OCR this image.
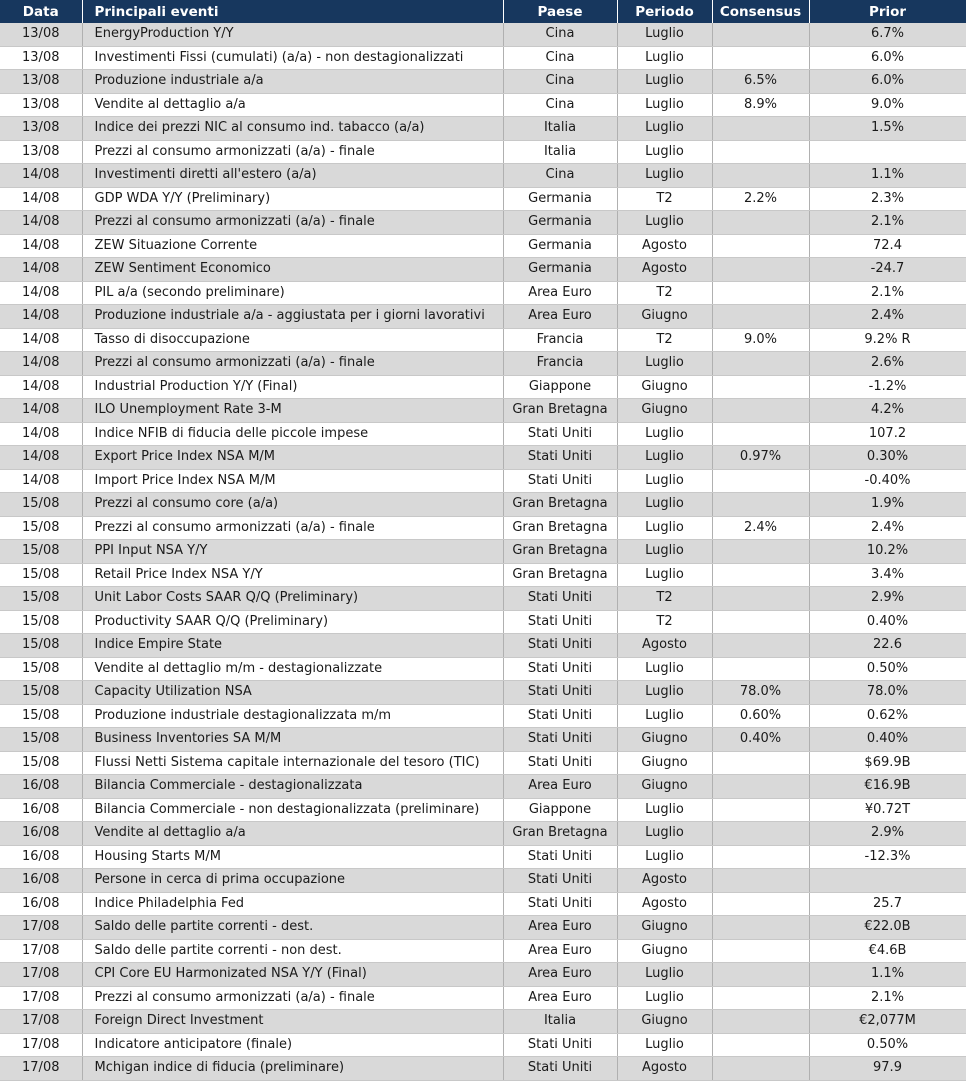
Data	Principali eventi	Paese	Periodo	Consensus	Prior
13/08	EnergyProduction Y/Y	Cina	Luglio		6.7%
13/08	Investimenti Fissi (cumulati) (a/a) - non destagionalizzati	Cina	Luglio		6.0%
13/08	Produzione industriale a/a	Cina	Luglio	6.5%	6.0%
13/08	Vendite al dettaglio a/a	Cina	Luglio	8.9%	9.0%
13/08	Indice dei prezzi NIC al consumo ind. tabacco (a/a)	Italia	Luglio		1.5%
13/08	Prezzi al consumo armonizzati (a/a) - finale	Italia	Luglio		
14/08	Investimenti diretti all'estero (a/a)	Cina	Luglio		1.1%
14/08	GDP WDA Y/Y (Preliminary)	Germania	T2	2.2%	2.3%
14/08	Prezzi al consumo armonizzati (a/a) - finale	Germania	Luglio		2.1%
14/08	ZEW Situazione Corrente	Germania	Agosto		72.4
14/08	ZEW Sentiment Economico	Germania	Agosto		-24.7
14/08	PIL a/a (secondo preliminare)	Area Euro	T2		2.1%
14/08	Produzione industriale a/a - aggiustata per i giorni lavorativi	Area Euro	Giugno		2.4%
14/08	Tasso di disoccupazione	Francia	T2	9.0%	9.2% R
14/08	Prezzi al consumo armonizzati (a/a) - finale	Francia	Luglio		2.6%
14/08	Industrial Production Y/Y (Final)	Giappone	Giugno		-1.2%
14/08	ILO Unemployment Rate 3-M	Gran Bretagna	Giugno		4.2%
14/08	Indice NFIB di fiducia delle piccole impese	Stati Uniti	Luglio		107.2
14/08	Export Price Index NSA M/M	Stati Uniti	Luglio	0.97%	0.30%
14/08	Import Price Index NSA M/M	Stati Uniti	Luglio		-0.40%
15/08	Prezzi al consumo core (a/a)	Gran Bretagna	Luglio		1.9%
15/08	Prezzi al consumo armonizzati (a/a) - finale	Gran Bretagna	Luglio	2.4%	2.4%
15/08	PPI Input NSA Y/Y	Gran Bretagna	Luglio		10.2%
15/08	Retail Price Index NSA Y/Y	Gran Bretagna	Luglio		3.4%
15/08	Unit Labor Costs SAAR Q/Q (Preliminary)	Stati Uniti	T2		2.9%
15/08	Productivity SAAR Q/Q (Preliminary)	Stati Uniti	T2		0.40%
15/08	Indice Empire State	Stati Uniti	Agosto		22.6
15/08	Vendite al dettaglio m/m - destagionalizzate	Stati Uniti	Luglio		0.50%
15/08	Capacity Utilization NSA	Stati Uniti	Luglio	78.0%	78.0%
15/08	Produzione industriale destagionalizzata m/m	Stati Uniti	Luglio	0.60%	0.62%
15/08	Business Inventories SA M/M	Stati Uniti	Giugno	0.40%	0.40%
15/08	Flussi Netti Sistema capitale internazionale del tesoro (TIC)	Stati Uniti	Giugno		$69.9B
16/08	Bilancia Commerciale - destagionalizzata	Area Euro	Giugno		€16.9B
16/08	Bilancia Commerciale - non destagionalizzata (preliminare)	Giappone	Luglio		¥0.72T
16/08	Vendite al dettaglio a/a	Gran Bretagna	Luglio		2.9%
16/08	Housing Starts M/M	Stati Uniti	Luglio		-12.3%
16/08	Persone in cerca di prima occupazione	Stati Uniti	Agosto		
16/08	Indice Philadelphia Fed	Stati Uniti	Agosto		25.7
17/08	Saldo delle partite correnti - dest.	Area Euro	Giugno		€22.0B
17/08	Saldo delle partite correnti - non dest.	Area Euro	Giugno		€4.6B
17/08	CPI Core EU Harmonizated NSA Y/Y (Final)	Area Euro	Luglio		1.1%
17/08	Prezzi al consumo armonizzati (a/a) - finale	Area Euro	Luglio		2.1%
17/08	Foreign Direct Investment	Italia	Giugno		€2,077M
17/08	Indicatore anticipatore (finale)	Stati Uniti	Luglio		0.50%
17/08	Mchigan indice di fiducia (preliminare)	Stati Uniti	Agosto		97.9
